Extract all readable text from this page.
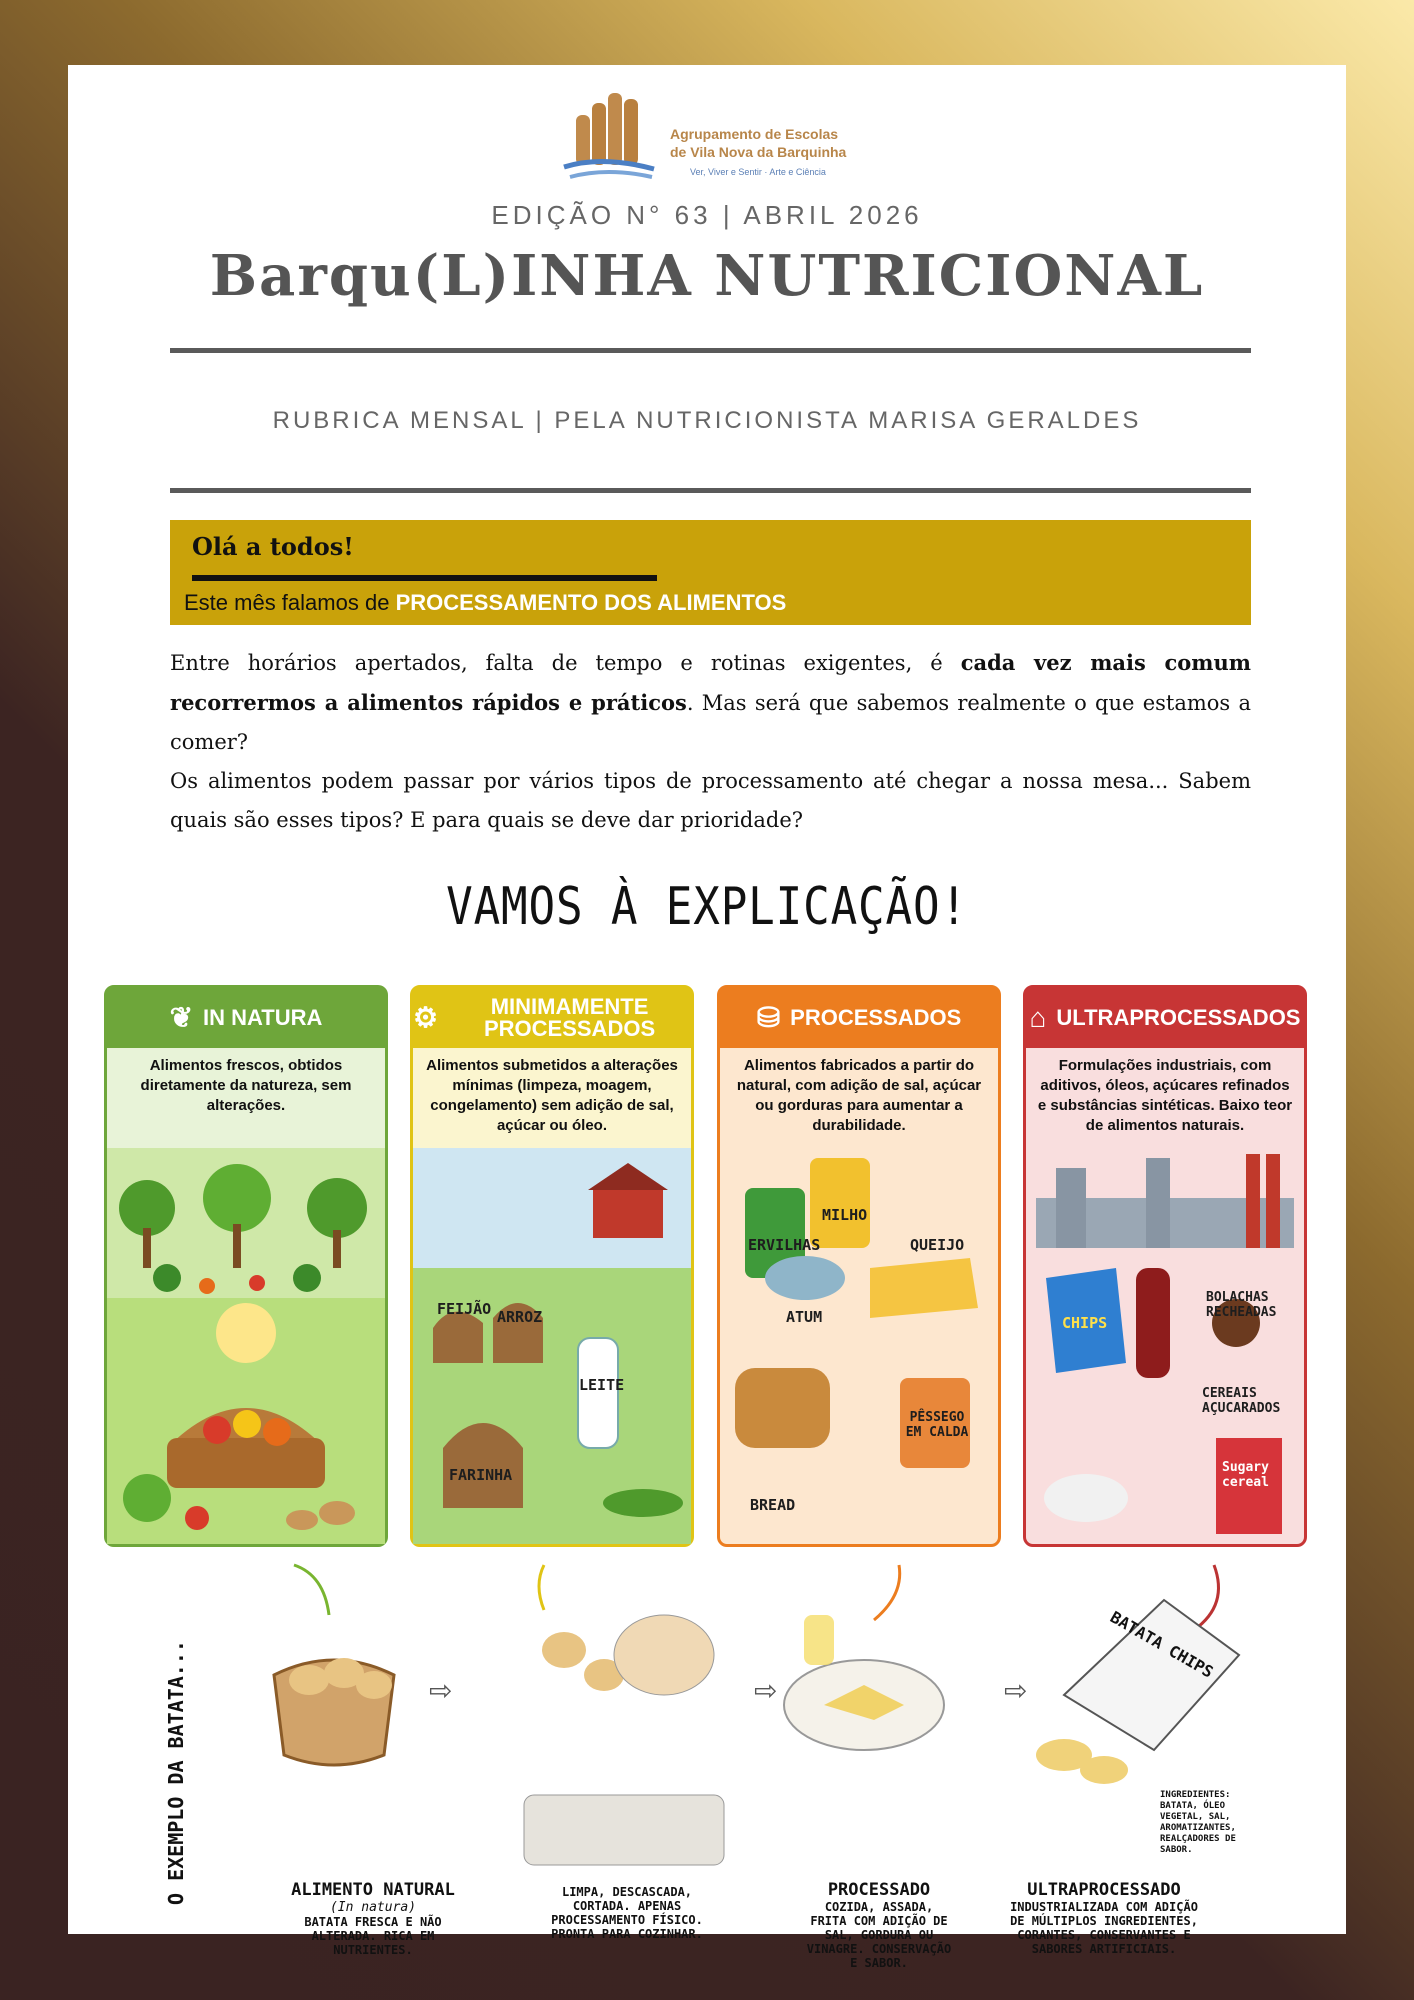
Agrupamento de Escolas
de Vila Nova da Barquinha
Ver, Viver e Sentir · Arte e Ciência
EDIÇÃO N° 63 | ABRIL 2026
Barqu(L)INHA NUTRICIONAL
RUBRICA MENSAL | PELA NUTRICIONISTA MARISA GERALDES
Olá a todos!
Este mês falamos de PROCESSAMENTO DOS ALIMENTOS

Entre horários apertados, falta de tempo e rotinas exigentes, é cada vez mais comum recorrermos a alimentos rápidos e práticos. Mas será que sabemos realmente o que estamos a comer?

Os alimentos podem passar por vários tipos de processamento até chegar a nossa mesa... Sabem quais são esses tipos? E para quais se deve dar prioridade?

VAMOS À EXPLICAÇÃO!
❦ IN NATURA
Alimentos frescos, obtidos diretamente da natureza, sem alterações.
⚙	MINIMAMENTE PROCESSADOS
Alimentos submetidos a alterações mínimas (limpeza, moagem, congelamento) sem adição de sal, açúcar ou óleo.
FEIJÃO ARROZ
LEITE
FARINHA
⛁ PROCESSADOS
Alimentos fabricados a partir do natural, com adição de sal, açúcar ou gorduras para aumentar a durabilidade.
MILHO
ERVILHAS	QUEIJO
ATUM
BREAD
PÊSSEGO EM CALDA
⌂ ULTRAPROCESSADOS
Formulações industriais, com aditivos, óleos, açúcares refinados e substâncias sintéticas. Baixo teor de alimentos naturais.
CHIPS
BOLACHAS RECHEADAS
CEREAIS AÇUCARADOS
Sugary cereal
O EXEMPLO DA BATATA...	⇨	⇨	⇨
BATATA CHIPS
INGREDIENTES: BATATA, ÓLEO VEGETAL, SAL, AROMATIZANTES, REALÇADORES DE SABOR.
ALIMENTO NATURAL
(In natura)
BATATA FRESCA E NÃO ALTERADA. RICA EM NUTRIENTES.
LIMPA, DESCASCADA, CORTADA. APENAS PROCESSAMENTO FÍSICO. PRONTA PARA COZINHAR.
PROCESSADO
COZIDA, ASSADA, FRITA COM ADIÇÃO DE SAL, GORDURA OU VINAGRE. CONSERVAÇÃO E SABOR.
ULTRAPROCESSADO
INDUSTRIALIZADA COM ADIÇÃO DE MÚLTIPLOS INGREDIENTES, CORANTES, CONSERVANTES E SABORES ARTIFICIAIS.
